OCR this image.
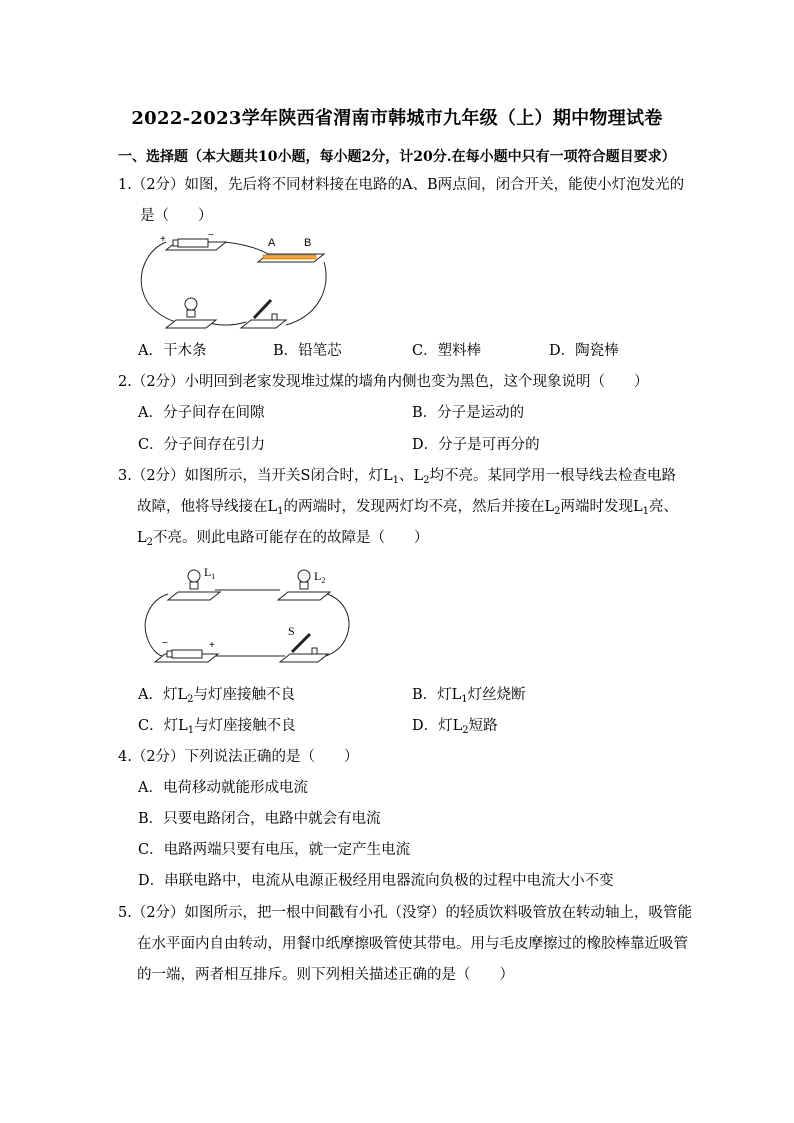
2022-2023学年陕西省渭南市韩城市九年级（上）期中物理试卷
一、选择题（本大题共10小题，每小题2分，计20分.在每小题中只有一项符合题目要求）
1.（2分）如图，先后将不同材料接在电路的A、B两点间，闭合开关，能使小灯泡发光的
是（　　）
+	−
A	B
A．干木条	B．铅笔芯	C．塑料棒	D．陶瓷棒
2.（2分）小明回到老家发现堆过煤的墙角内侧也变为黑色，这个现象说明（　　）
A．分子间存在间隙	B．分子是运动的
C．分子间存在引力	D．分子是可再分的
3.（2分）如图所示，当开关S闭合时，灯$L_1$、$L_2$均不亮。某同学用一根导线去检查电路
故障，他将导线接在$L_1$的两端时，发现两灯均不亮，然后并接在$L_2$两端时发现$L_1$亮、
$L_2$不亮。则此电路可能存在的故障是（　　）
$L_1$	$L_2$
−	+
S
A．灯$L_2$与灯座接触不良	B．灯$L_1$灯丝烧断
C．灯$L_1$与灯座接触不良	D．灯$L_2$短路
4.（2分）下列说法正确的是（　　）
A．电荷移动就能形成电流
B．只要电路闭合，电路中就会有电流
C．电路两端只要有电压，就一定产生电流
D．串联电路中，电流从电源正极经用电器流向负极的过程中电流大小不变
5.（2分）如图所示，把一根中间戳有小孔（没穿）的轻质饮料吸管放在转动轴上，吸管能
在水平面内自由转动，用餐巾纸摩擦吸管使其带电。用与毛皮摩擦过的橡胶棒靠近吸管
的一端，两者相互排斥。则下列相关描述正确的是（　　）
